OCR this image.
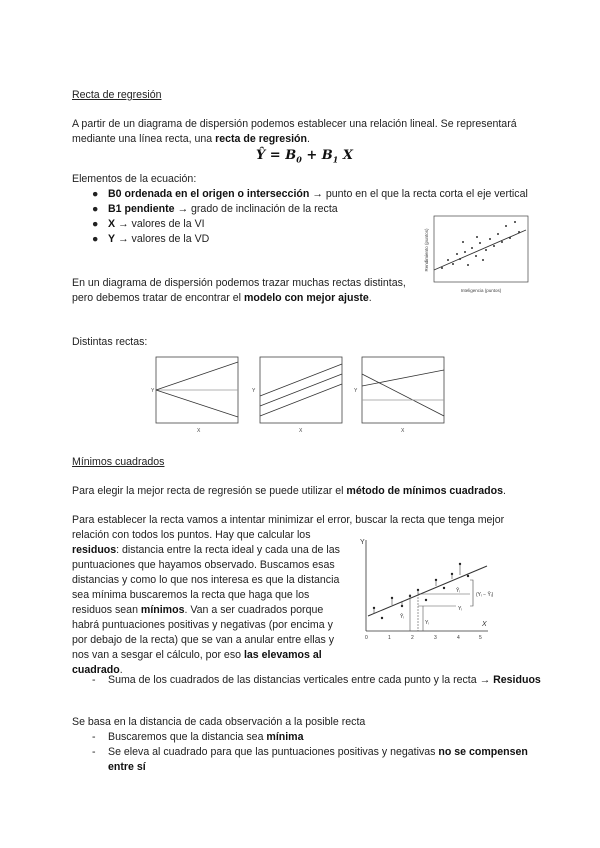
Recta de regresión
A partir de un diagrama de dispersión podemos establecer una relación lineal. Se representará mediante una línea recta, una recta de regresión.
Ŷ = $B_0 + B_1$ X
Elementos de la ecuación:
● B0 ordenada en el origen o intersección → punto en el que la recta corta el eje vertical
● B1 pendiente → grado de inclinación de la recta
● X → valores de la VI
● Y → valores de la VD	Rendimiento (puntos)
Inteligencia (puntos)
En un diagrama de dispersión podemos trazar muchas rectas distintas, pero debemos tratar de encontrar el modelo con mejor ajuste.
Distintas rectas:
Y
X
Y
X
Y
X
Mínimos cuadrados
Para elegir la mejor recta de regresión se puede utilizar el método de mínimos cuadrados.
Para establecer la recta vamos a intentar minimizar el error, buscar la recta que tenga mejor relación con todos los puntos. Hay que calcular los residuos: distancia entre la recta ideal y cada una de las puntuaciones que hayamos observado. Buscamos esas distancias y como lo que nos interesa es que la distancia sea mínima buscaremos la recta que haga que los residuos sean mínimos. Van a ser cuadrados porque habrá puntuaciones positivas y negativas (por encima y por debajo de la recta) que se van a anular entre ellas y nos van a sesgar el cálculo, por eso las elevamos al cuadrado.
Y
X
0	1	2	3	4	5
Ŷᵢ
Yᵢ
Ŷᵢ
Yᵢ
(Yᵢ − Ŷᵢ)
- Suma de los cuadrados de las distancias verticales entre cada punto y la recta → Residuos
Se basa en la distancia de cada observación a la posible recta
- Buscaremos que la distancia sea mínima
- Se eleva al cuadrado para que las puntuaciones positivas y negativas no se compensen entre sí
